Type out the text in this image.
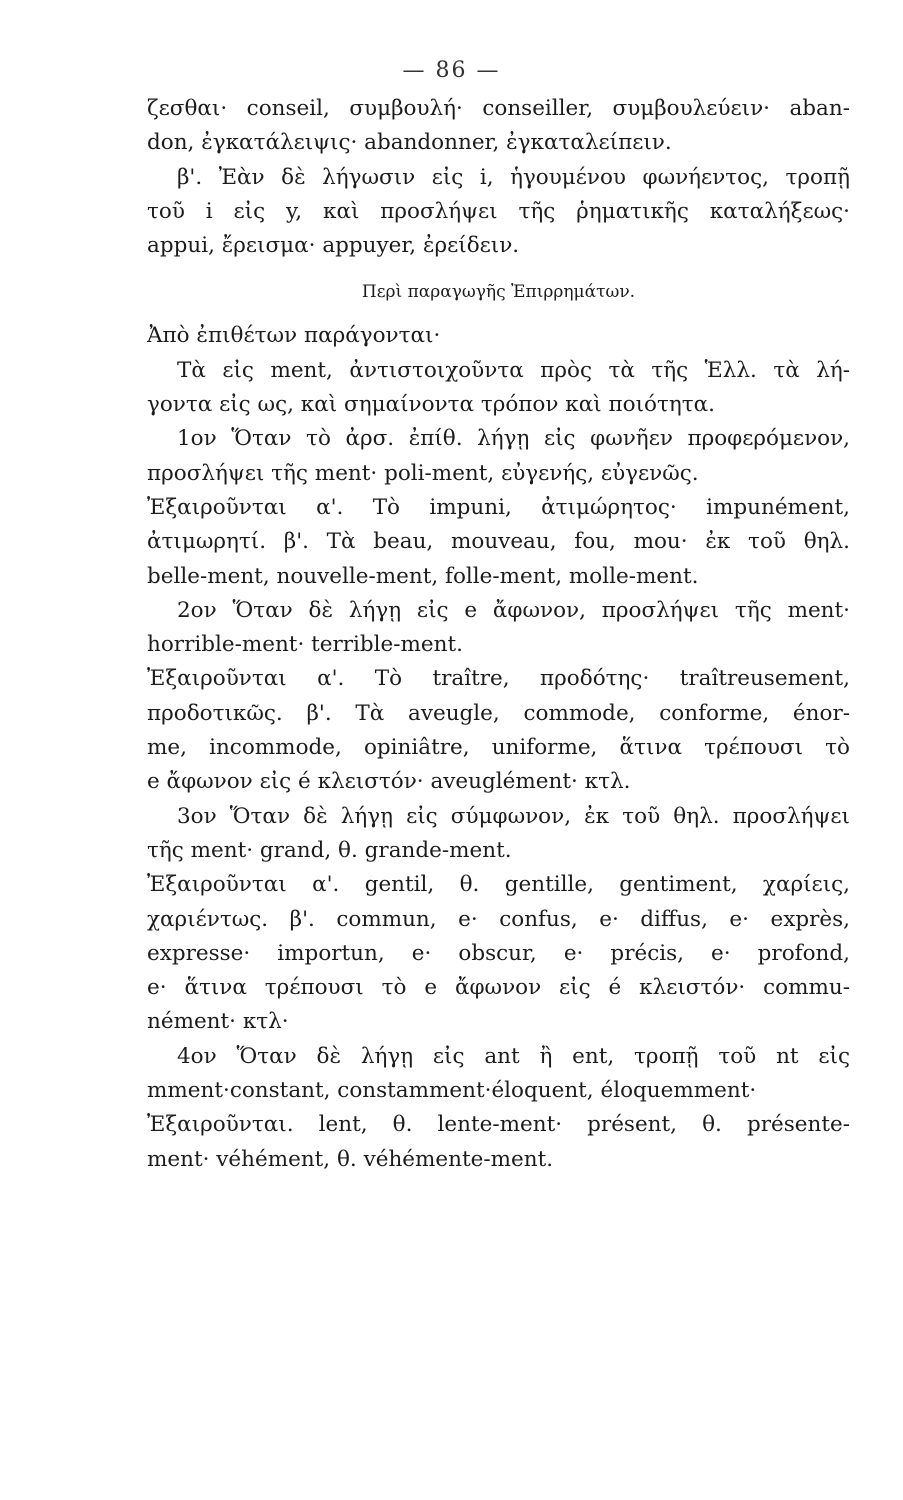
— 86 —
ζεσθαι· conseil, συμβουλή· conseiller, συμβουλεύειν· aban-
don, ἐγκατάλειψις· abandonner, ἐγκαταλείπειν.
β'. Ἐὰν δὲ λήγωσιν εἰς i, ἡγουμένου φωνήεντος, τροπῇ
τοῦ i εἰς y, καὶ προσλήψει τῆς ῥηματικῆς καταλήξεως·
appui, ἔρεισμα· appuyer, ἐρείδειν.
Περὶ παραγωγῆς Ἐπιρρημάτων.
Ἀπὸ ἐπιθέτων παράγονται·
Τὰ εἰς ment, ἀντιστοιχοῦντα πρὸς τὰ τῆς Ἑλλ. τὰ λή-
γοντα εἰς ως, καὶ σημαίνοντα τρόπον καὶ ποιότητα.
1ον Ὅταν τὸ ἀρσ. ἐπίθ. λήγῃ εἰς φωνῆεν προφερόμενον,
προσλήψει τῆς ment· poli-ment, εὐγενής, εὐγενῶς.
Ἐξαιροῦνται α'. Τὸ impuni, ἀτιμώρητος· impunément,
ἀτιμωρητί. β'. Τὰ beau, mouveau, fou, mou· ἐκ τοῦ θηλ.
belle-ment, nouvelle-ment, folle-ment, molle-ment.
2ον Ὅταν δὲ λήγῃ εἰς e ἄφωνον, προσλήψει τῆς ment·
horrible-ment· terrible-ment.
Ἐξαιροῦνται α'. Τὸ traître, προδότης· traîtreusement,
προδοτικῶς. β'. Τὰ aveugle, commode, conforme, énor-
me, incommode, opiniâtre, uniforme, ἅτινα τρέπουσι τὸ
e ἄφωνον εἰς é κλειστόν· aveuglément· κτλ.
3ον Ὅταν δὲ λήγῃ εἰς σύμφωνον, ἐκ τοῦ θηλ. προσλήψει
τῆς ment· grand, θ. grande-ment.
Ἐξαιροῦνται α'. gentil, θ. gentille, gentiment, χαρίεις,
χαριέντως. β'. commun, e· confus, e· diffus, e· exprès,
expresse· importun, e· obscur, e· précis, e· profond,
e· ἅτινα τρέπουσι τὸ e ἄφωνον εἰς é κλειστόν· commu-
nément· κτλ·
4ον Ὅταν δὲ λήγῃ εἰς ant ἢ ent, τροπῇ τοῦ nt εἰς
mment·constant, constamment·éloquent, éloquemment·
Ἐξαιροῦνται. lent, θ. lente-ment· présent, θ. présente-
ment· véhément, θ. véhémente-ment.
